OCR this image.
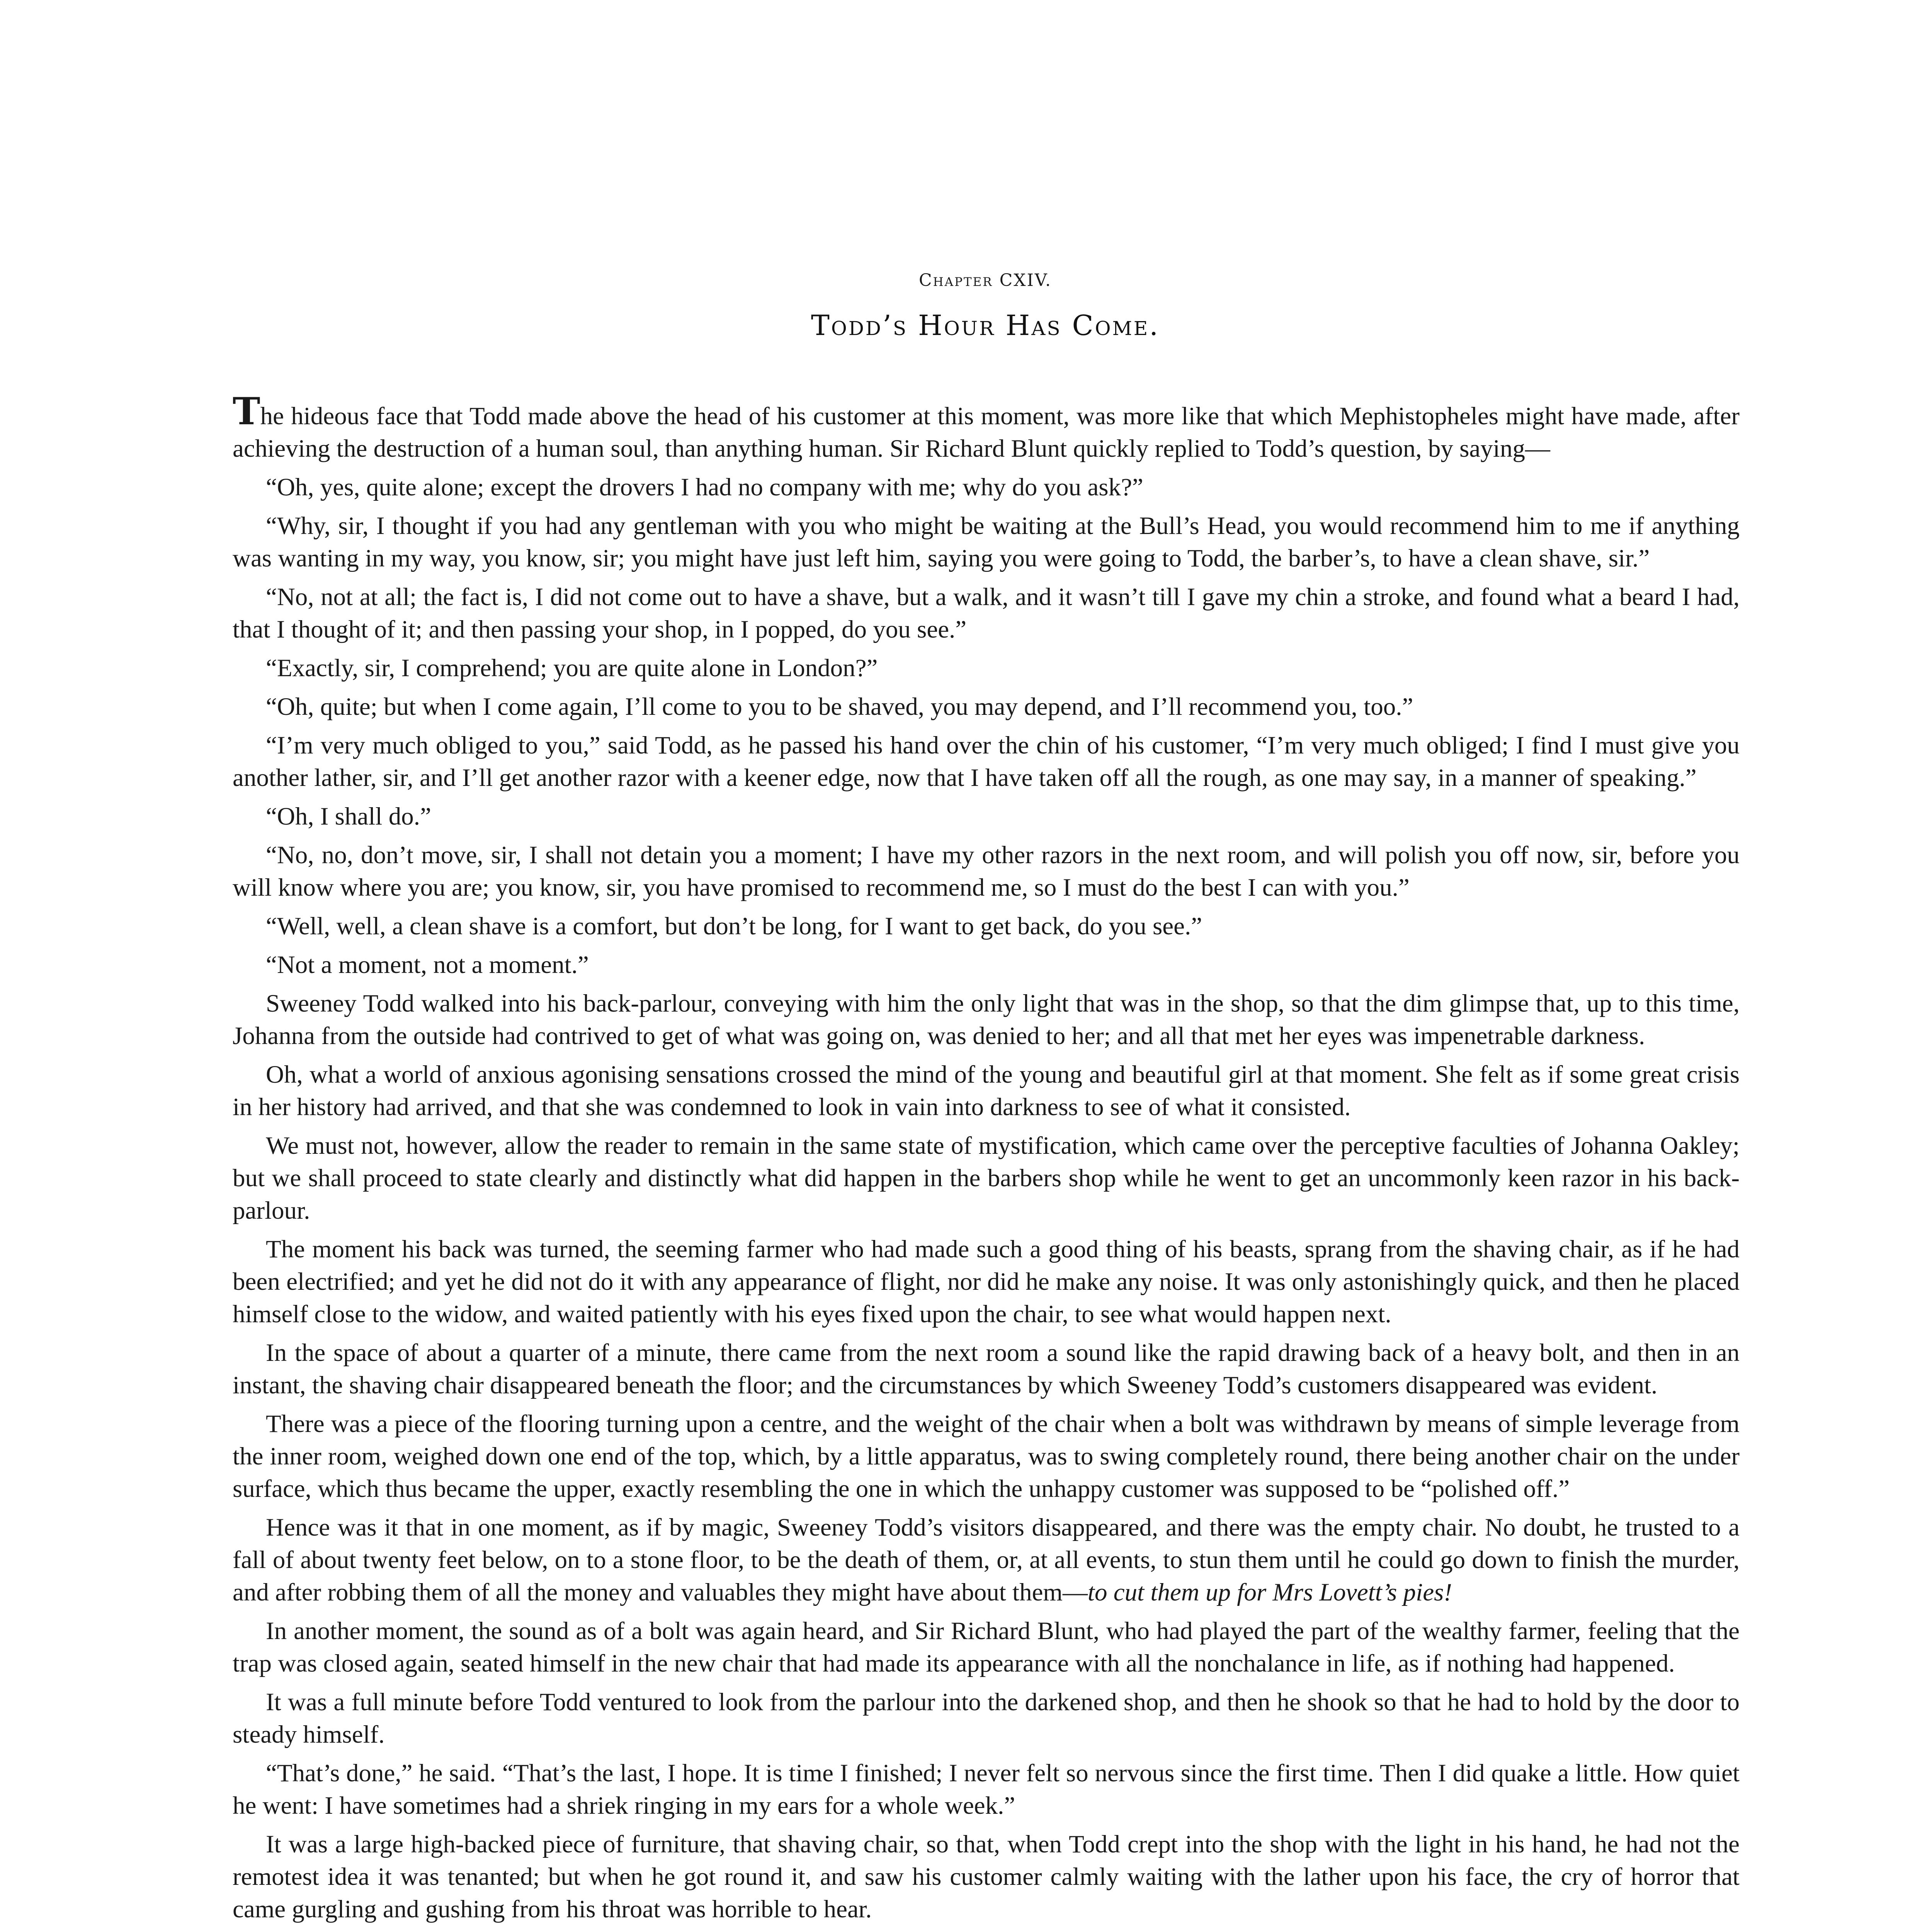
Chapter CXIV.
Todd’s Hour Has Come.

The hideous face that Todd made above the head of his customer at this moment, was more like that which Mephistopheles might have made, after achieving the destruction of a human soul, than anything human. Sir Richard Blunt quickly replied to Todd’s question, by saying—

“Oh, yes, quite alone; except the drovers I had no company with me; why do you ask?”

“Why, sir, I thought if you had any gentleman with you who might be waiting at the Bull’s Head, you would recommend him to me if anything was wanting in my way, you know, sir; you might have just left him, saying you were going to Todd, the barber’s, to have a clean shave, sir.”

“No, not at all; the fact is, I did not come out to have a shave, but a walk, and it wasn’t till I gave my chin a stroke, and found what a beard I had, that I thought of it; and then passing your shop, in I popped, do you see.”

“Exactly, sir, I comprehend; you are quite alone in London?”

“Oh, quite; but when I come again, I’ll come to you to be shaved, you may depend, and I’ll recommend you, too.”

“I’m very much obliged to you,” said Todd, as he passed his hand over the chin of his customer, “I’m very much obliged; I find I must give you another lather, sir, and I’ll get another razor with a keener edge, now that I have taken off all the rough, as one may say, in a manner of speaking.”

“Oh, I shall do.”

“No, no, don’t move, sir, I shall not detain you a moment; I have my other razors in the next room, and will polish you off now, sir, before you will know where you are; you know, sir, you have promised to recommend me, so I must do the best I can with you.”

“Well, well, a clean shave is a comfort, but don’t be long, for I want to get back, do you see.”

“Not a moment, not a moment.”

Sweeney Todd walked into his back-parlour, conveying with him the only light that was in the shop, so that the dim glimpse that, up to this time, Johanna from the outside had contrived to get of what was going on, was denied to her; and all that met her eyes was impenetrable darkness.

Oh, what a world of anxious agonising sensations crossed the mind of the young and beautiful girl at that moment. She felt as if some great crisis in her history had arrived, and that she was condemned to look in vain into darkness to see of what it consisted.

We must not, however, allow the reader to remain in the same state of mystification, which came over the perceptive faculties of Johanna Oakley; but we shall proceed to state clearly and distinctly what did happen in the barbers shop while he went to get an uncommonly keen razor in his back-parlour.

The moment his back was turned, the seeming farmer who had made such a good thing of his beasts, sprang from the shaving chair, as if he had been electrified; and yet he did not do it with any appearance of flight, nor did he make any noise. It was only astonishingly quick, and then he placed himself close to the widow, and waited patiently with his eyes fixed upon the chair, to see what would happen next.

In the space of about a quarter of a minute, there came from the next room a sound like the rapid drawing back of a heavy bolt, and then in an instant, the shaving chair disappeared beneath the floor; and the circumstances by which Sweeney Todd’s customers disappeared was evident.

There was a piece of the flooring turning upon a centre, and the weight of the chair when a bolt was withdrawn by means of simple leverage from the inner room, weighed down one end of the top, which, by a little apparatus, was to swing completely round, there being another chair on the under surface, which thus became the upper, exactly resembling the one in which the unhappy customer was supposed to be “polished off.”

Hence was it that in one moment, as if by magic, Sweeney Todd’s visitors disappeared, and there was the empty chair. No doubt, he trusted to a fall of about twenty feet below, on to a stone floor, to be the death of them, or, at all events, to stun them until he could go down to finish the murder, and after robbing them of all the money and valuables they might have about them—to cut them up for Mrs Lovett’s pies!

In another moment, the sound as of a bolt was again heard, and Sir Richard Blunt, who had played the part of the wealthy farmer, feeling that the trap was closed again, seated himself in the new chair that had made its appearance with all the nonchalance in life, as if nothing had happened.

It was a full minute before Todd ventured to look from the parlour into the darkened shop, and then he shook so that he had to hold by the door to steady himself.

“That’s done,” he said. “That’s the last, I hope. It is time I finished; I never felt so nervous since the first time. Then I did quake a little. How quiet he went: I have sometimes had a shriek ringing in my ears for a whole week.”

It was a large high-backed piece of furniture, that shaving chair, so that, when Todd crept into the shop with the light in his hand, he had not the remotest idea it was tenanted; but when he got round it, and saw his customer calmly waiting with the lather upon his face, the cry of horror that came gurgling and gushing from his throat was horrible to hear.
